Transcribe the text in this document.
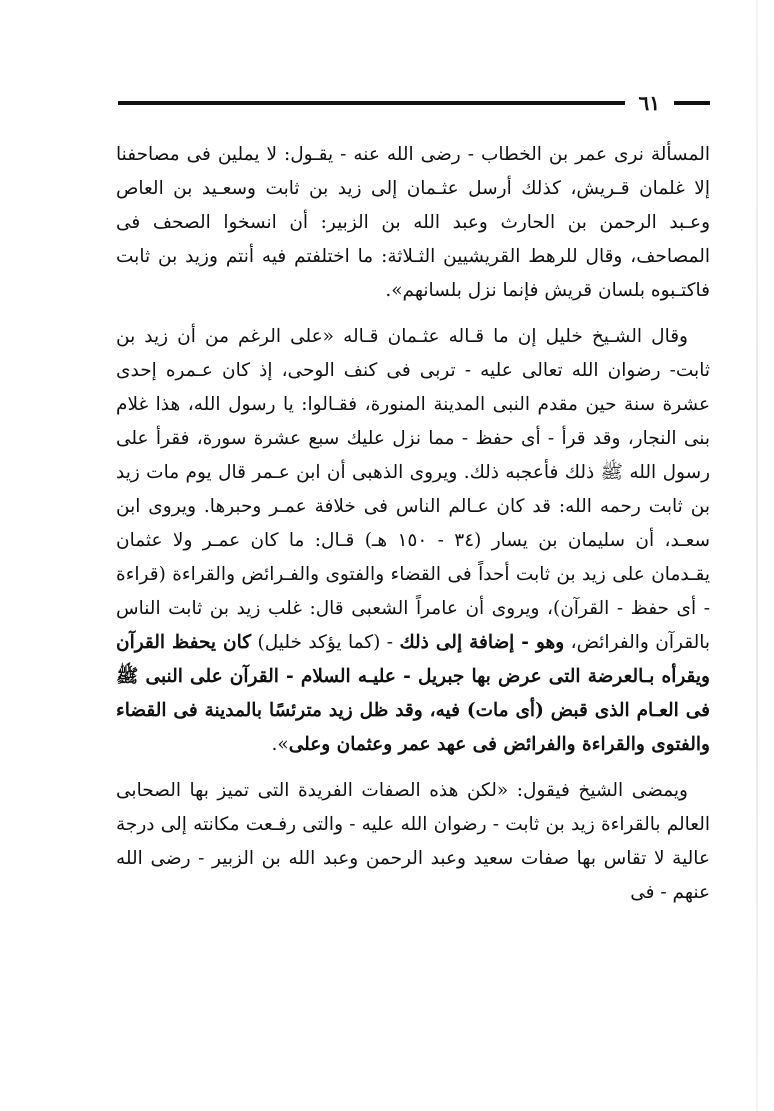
٦١

المسألة نرى عمر بن الخطاب - رضى الله عنه - يقـول: لا يملين فى مصاحفنا إلا غلمان قـريش، كذلك أرسل عثـمان إلى زيد بن ثابت وسعـيد بن العاص وعـبد الرحمن بن الحارث وعبد الله بن الزبير: أن انسخوا الصحف فى المصاحف، وقال للرهط القريشيين الثـلاثة: ما اختلفتم فيه أنتم وزيد بن ثابت فاكتـبوه بلسان قريش فإنما نزل بلسانهم».

وقال الشـيخ خليل إن ما قـاله عثـمان قـاله «على الرغم من أن زيد بن ثابت- رضوان الله تعالى عليه - تربى فى كنف الوحى، إذ كان عـمره إحدى عشرة سنة حين مقدم النبى المدينة المنورة، فقـالوا: يا رسول الله، هذا غلام بنى النجار، وقد قرأ - أى حفظ - مما نزل عليك سبع عشرة سورة، فقرأ على رسول الله ﷺ ذلك فأعجبه ذلك. ويروى الذهبى أن ابن عـمر قال يوم مات زيد بن ثابت رحمه الله: قد كان عـالم الناس فى خلافة عمـر وحبرها. ويروى ابن سعـد، أن سليمان بن يسار (٣٤ - ١٥٠ هـ) قـال: ما كان عمـر ولا عثمان يقـدمان على زيد بن ثابت أحداً فى القضاء والفتوى والفـرائض والقراءة (قراءة - أى حفظ - القرآن)، ويروى أن عامراً الشعبى قال: غلب زيد بن ثابت الناس بالقرآن والفرائض، وهو - إضافة إلى ذلك - (كما يؤكد خليل) كان يحفظ القرآن ويقرأه بـالعرضة التى عرض بها جبريل - عليـه السلام - القرآن على النبى ﷺ فى العـام الذى قبض (أى مات) فيه، وقد ظل زيد مترئسًا بالمدينة فى القضاء والفتوى والقراءة والفرائض فى عهد عمر وعثمان وعلى».

ويمضى الشيخ فيقول: «لكن هذه الصفات الفريدة التى تميز بها الصحابى العالم بالقراءة زيد بن ثابت - رضوان الله عليه - والتى رفـعت مكانته إلى درجة عالية لا تقاس بها صفات سعيد وعبد الرحمن وعبد الله بن الزبير - رضى الله عنهم - فى
